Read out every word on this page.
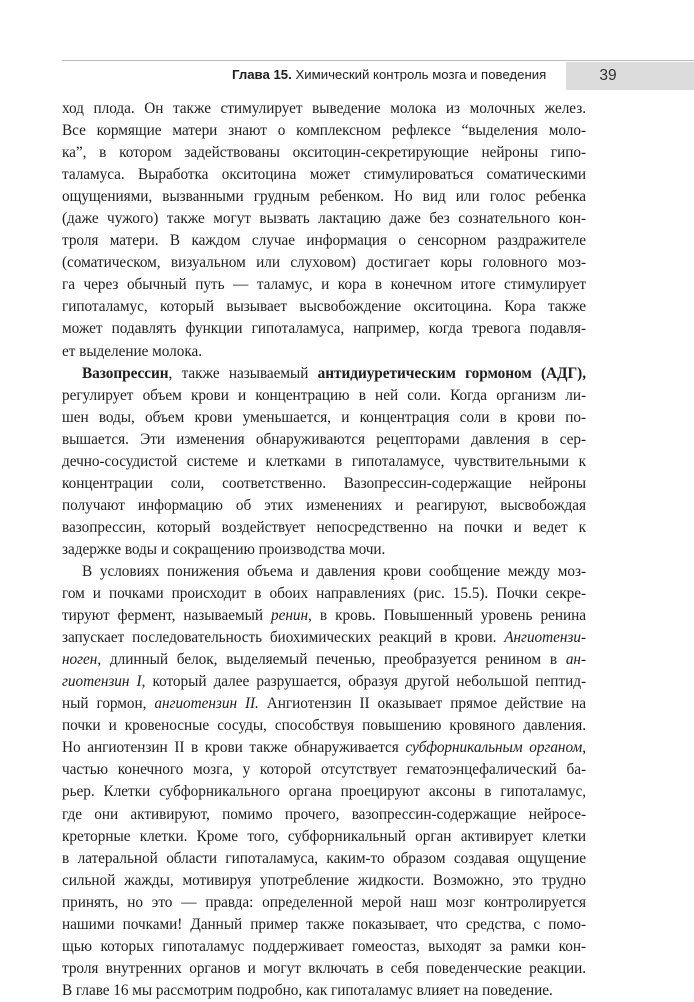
Глава 15. Химический контроль мозга и поведения	39
ход плода. Он также стимулирует выведение молока из молочных желез.
Все кормящие матери знают о комплексном рефлексе “выделения моло-
ка”, в котором задействованы окситоцин-секретирующие нейроны гипо-
таламуса. Выработка окситоцина может стимулироваться соматическими
ощущениями, вызванными грудным ребенком. Но вид или голос ребенка
(даже чужого) также могут вызвать лактацию даже без сознательного кон-
троля матери. В каждом случае информация о сенсорном раздражителе
(соматическом, визуальном или слуховом) достигает коры головного моз-
га через обычный путь — таламус, и кора в конечном итоге стимулирует
гипоталамус, который вызывает высвобождение окситоцина. Кора также
может подавлять функции гипоталамуса, например, когда тревога подавля-
ет выделение молока.
Вазопрессин, также называемый антидиуретическим гормоном (АДГ),
регулирует объем крови и концентрацию в ней соли. Когда организм ли-
шен воды, объем крови уменьшается, и концентрация соли в крови по-
вышается. Эти изменения обнаруживаются рецепторами давления в сер-
дечно-сосудистой системе и клетками в гипоталамусе, чувствительными к
концентрации соли, соответственно. Вазопрессин-содержащие нейроны
получают информацию об этих изменениях и реагируют, высвобождая
вазопрессин, который воздействует непосредственно на почки и ведет к
задержке воды и сокращению производства мочи.
В условиях понижения объема и давления крови сообщение между моз-
гом и почками происходит в обоих направлениях (рис. 15.5). Почки секре-
тируют фермент, называемый ренин, в кровь. Повышенный уровень ренина
запускает последовательность биохимических реакций в крови. Ангиотензи-
ноген, длинный белок, выделяемый печенью, преобразуется ренином в ан-
гиотензин I, который далее разрушается, образуя другой небольшой пептид-
ный гормон, ангиотензин II. Ангиотензин II оказывает прямое действие на
почки и кровеносные сосуды, способствуя повышению кровяного давления.
Но ангиотензин II в крови также обнаруживается субфорникальным органом,
частью конечного мозга, у которой отсутствует гематоэнцефалический ба-
рьер. Клетки субфорникального органа проецируют аксоны в гипоталамус,
где они активируют, помимо прочего, вазопрессин-содержащие нейросе-
креторные клетки. Кроме того, субфорникальный орган активирует клетки
в латеральной области гипоталамуса, каким-то образом создавая ощущение
сильной жажды, мотивируя употребление жидкости. Возможно, это трудно
принять, но это — правда: определенной мерой наш мозг контролируется
нашими почками! Данный пример также показывает, что средства, с помо-
щью которых гипоталамус поддерживает гомеостаз, выходят за рамки кон-
троля внутренних органов и могут включать в себя поведенческие реакции.
В главе 16 мы рассмотрим подробно, как гипоталамус влияет на поведение.
